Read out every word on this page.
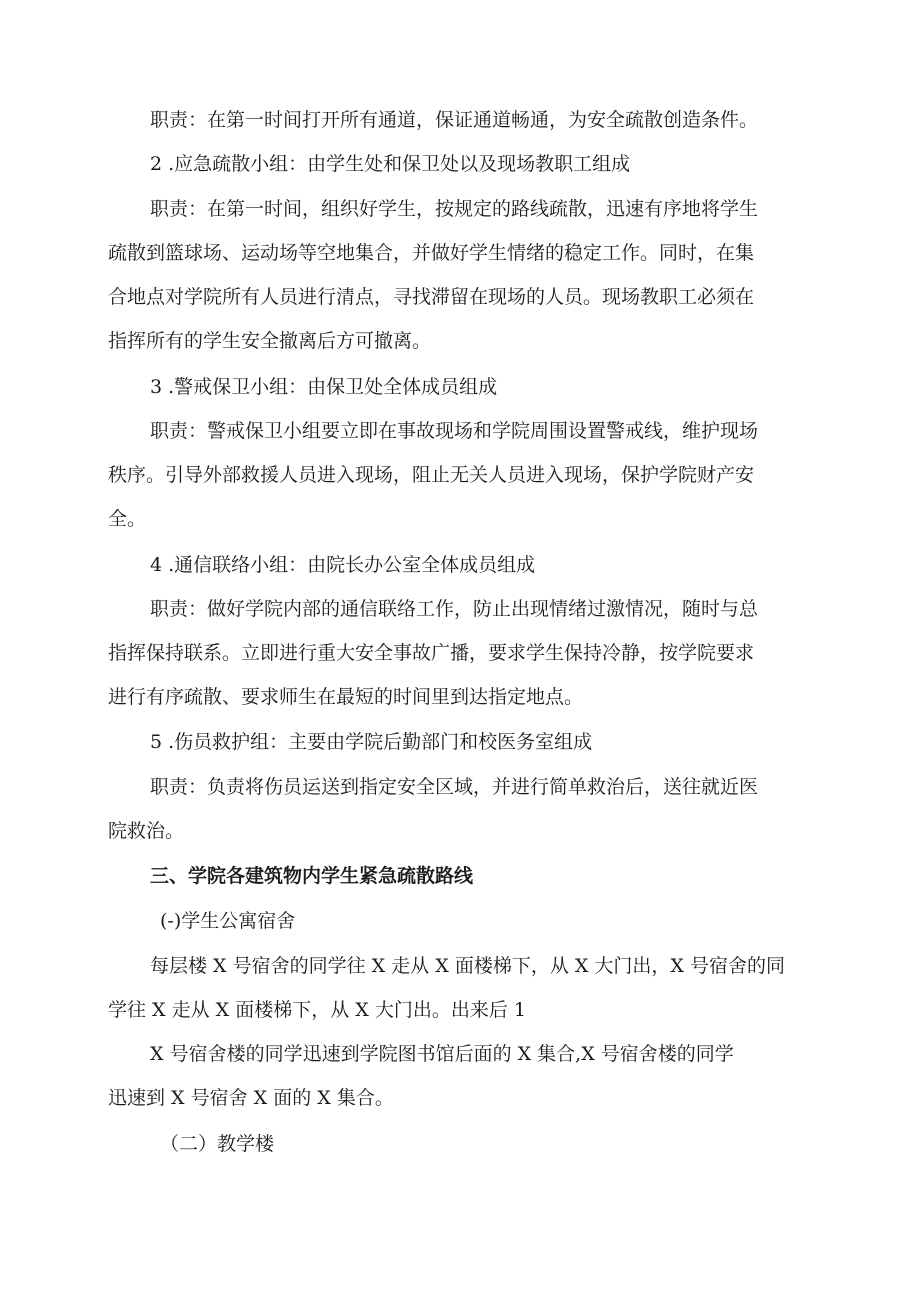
职责：在第一时间打开所有通道，保证通道畅通，为安全疏散创造条件。

2 .应急疏散小组：由学生处和保卫处以及现场教职工组成

职责：在第一时间，组织好学生，按规定的路线疏散，迅速有序地将学生

疏散到篮球场、运动场等空地集合，并做好学生情绪的稳定工作。同时，在集

合地点对学院所有人员进行清点，寻找滞留在现场的人员。现场教职工必须在

指挥所有的学生安全撤离后方可撤离。

3 .警戒保卫小组：由保卫处全体成员组成

职责：警戒保卫小组要立即在事故现场和学院周围设置警戒线，维护现场

秩序。引导外部救援人员进入现场，阻止无关人员进入现场，保护学院财产安

全。

4 .通信联络小组：由院长办公室全体成员组成

职责：做好学院内部的通信联络工作，防止出现情绪过激情况，随时与总

指挥保持联系。立即进行重大安全事故广播，要求学生保持冷静，按学院要求

进行有序疏散、要求师生在最短的时间里到达指定地点。

5 .伤员救护组：主要由学院后勤部门和校医务室组成

职责：负责将伤员运送到指定安全区域，并进行简单救治后，送往就近医

院救治。

三、学院各建筑物内学生紧急疏散路线

(-)学生公寓宿舍

每层楼 X 号宿舍的同学往 X 走从 X 面楼梯下，从 X 大门出，X 号宿舍的同

学往 X 走从 X 面楼梯下，从 X 大门出。出来后 1

X 号宿舍楼的同学迅速到学院图书馆后面的 X 集合,X 号宿舍楼的同学

迅速到 X 号宿舍 X 面的 X 集合。

（二）教学楼
